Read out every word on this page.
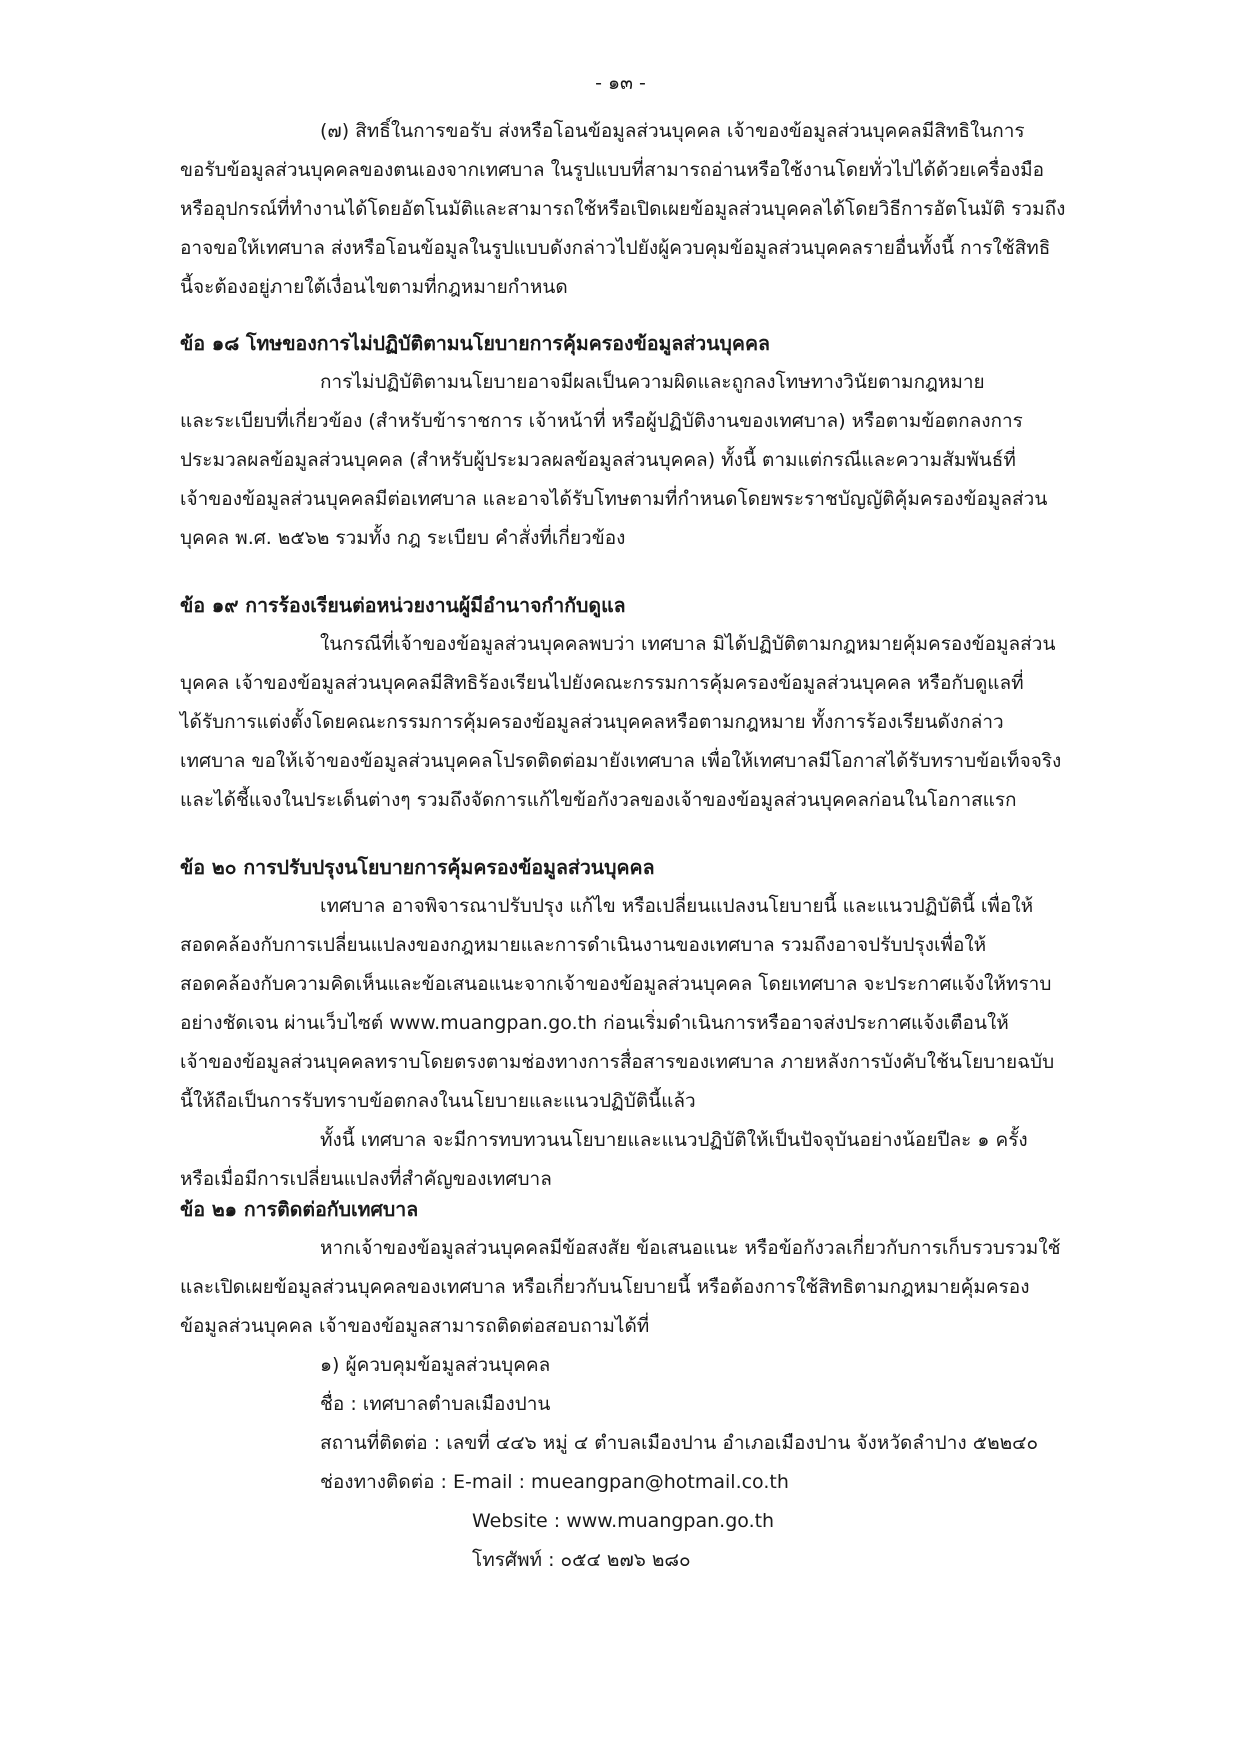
- ๑๓ -
(๗) สิทธิ์ในการขอรับ ส่งหรือโอนข้อมูลส่วนบุคคล เจ้าของข้อมูลส่วนบุคคลมีสิทธิในการ
ขอรับข้อมูลส่วนบุคคลของตนเองจากเทศบาล ในรูปแบบที่สามารถอ่านหรือใช้งานโดยทั่วไปได้ด้วยเครื่องมือ
หรืออุปกรณ์ที่ทำงานได้โดยอัตโนมัติและสามารถใช้หรือเปิดเผยข้อมูลส่วนบุคคลได้โดยวิธีการอัตโนมัติ รวมถึง
อาจขอให้เทศบาล ส่งหรือโอนข้อมูลในรูปแบบดังกล่าวไปยังผู้ควบคุมข้อมูลส่วนบุคคลรายอื่นทั้งนี้ การใช้สิทธิ
นี้จะต้องอยู่ภายใต้เงื่อนไขตามที่กฎหมายกำหนด
ข้อ ๑๘ โทษของการไม่ปฏิบัติตามนโยบายการคุ้มครองข้อมูลส่วนบุคคล
การไม่ปฏิบัติตามนโยบายอาจมีผลเป็นความผิดและถูกลงโทษทางวินัยตามกฎหมาย
และระเบียบที่เกี่ยวข้อง (สำหรับข้าราชการ เจ้าหน้าที่ หรือผู้ปฏิบัติงานของเทศบาล) หรือตามข้อตกลงการ
ประมวลผลข้อมูลส่วนบุคคล (สำหรับผู้ประมวลผลข้อมูลส่วนบุคคล) ทั้งนี้ ตามแต่กรณีและความสัมพันธ์ที่
เจ้าของข้อมูลส่วนบุคคลมีต่อเทศบาล และอาจได้รับโทษตามที่กำหนดโดยพระราชบัญญัติคุ้มครองข้อมูลส่วน
บุคคล พ.ศ. ๒๕๖๒ รวมทั้ง กฎ ระเบียบ คำสั่งที่เกี่ยวข้อง
ข้อ ๑๙ การร้องเรียนต่อหน่วยงานผู้มีอำนาจกำกับดูแล
ในกรณีที่เจ้าของข้อมูลส่วนบุคคลพบว่า เทศบาล มิได้ปฏิบัติตามกฎหมายคุ้มครองข้อมูลส่วน
บุคคล เจ้าของข้อมูลส่วนบุคคลมีสิทธิร้องเรียนไปยังคณะกรรมการคุ้มครองข้อมูลส่วนบุคคล หรือกับดูแลที่
ได้รับการแต่งตั้งโดยคณะกรรมการคุ้มครองข้อมูลส่วนบุคคลหรือตามกฎหมาย ทั้งการร้องเรียนดังกล่าว
เทศบาล ขอให้เจ้าของข้อมูลส่วนบุคคลโปรดติดต่อมายังเทศบาล เพื่อให้เทศบาลมีโอกาสได้รับทราบข้อเท็จจริง
และได้ชี้แจงในประเด็นต่างๆ รวมถึงจัดการแก้ไขข้อกังวลของเจ้าของข้อมูลส่วนบุคคลก่อนในโอกาสแรก
ข้อ ๒๐ การปรับปรุงนโยบายการคุ้มครองข้อมูลส่วนบุคคล
เทศบาล อาจพิจารณาปรับปรุง แก้ไข หรือเปลี่ยนแปลงนโยบายนี้ และแนวปฏิบัตินี้ เพื่อให้
สอดคล้องกับการเปลี่ยนแปลงของกฎหมายและการดำเนินงานของเทศบาล รวมถึงอาจปรับปรุงเพื่อให้
สอดคล้องกับความคิดเห็นและข้อเสนอแนะจากเจ้าของข้อมูลส่วนบุคคล โดยเทศบาล จะประกาศแจ้งให้ทราบ
อย่างชัดเจน ผ่านเว็บไซต์ www.muangpan.go.th ก่อนเริ่มดำเนินการหรืออาจส่งประกาศแจ้งเตือนให้
เจ้าของข้อมูลส่วนบุคคลทราบโดยตรงตามช่องทางการสื่อสารของเทศบาล ภายหลังการบังคับใช้นโยบายฉบับ
นี้ให้ถือเป็นการรับทราบข้อตกลงในนโยบายและแนวปฏิบัตินี้แล้ว
ทั้งนี้ เทศบาล จะมีการทบทวนนโยบายและแนวปฏิบัติให้เป็นปัจจุบันอย่างน้อยปีละ ๑ ครั้ง
หรือเมื่อมีการเปลี่ยนแปลงที่สำคัญของเทศบาล
ข้อ ๒๑ การติดต่อกับเทศบาล
หากเจ้าของข้อมูลส่วนบุคคลมีข้อสงสัย ข้อเสนอแนะ หรือข้อกังวลเกี่ยวกับการเก็บรวบรวมใช้
และเปิดเผยข้อมูลส่วนบุคคลของเทศบาล หรือเกี่ยวกับนโยบายนี้ หรือต้องการใช้สิทธิตามกฎหมายคุ้มครอง
ข้อมูลส่วนบุคคล เจ้าของข้อมูลสามารถติดต่อสอบถามได้ที่
๑) ผู้ควบคุมข้อมูลส่วนบุคคล
ชื่อ : เทศบาลตำบลเมืองปาน
สถานที่ติดต่อ : เลขที่ ๔๔๖ หมู่ ๔ ตำบลเมืองปาน อำเภอเมืองปาน จังหวัดลำปาง ๕๒๒๔๐
ช่องทางติดต่อ : E-mail : mueangpan@hotmail.co.th
Website : www.muangpan.go.th
โทรศัพท์ : ๐๕๔ ๒๗๖ ๒๘๐
